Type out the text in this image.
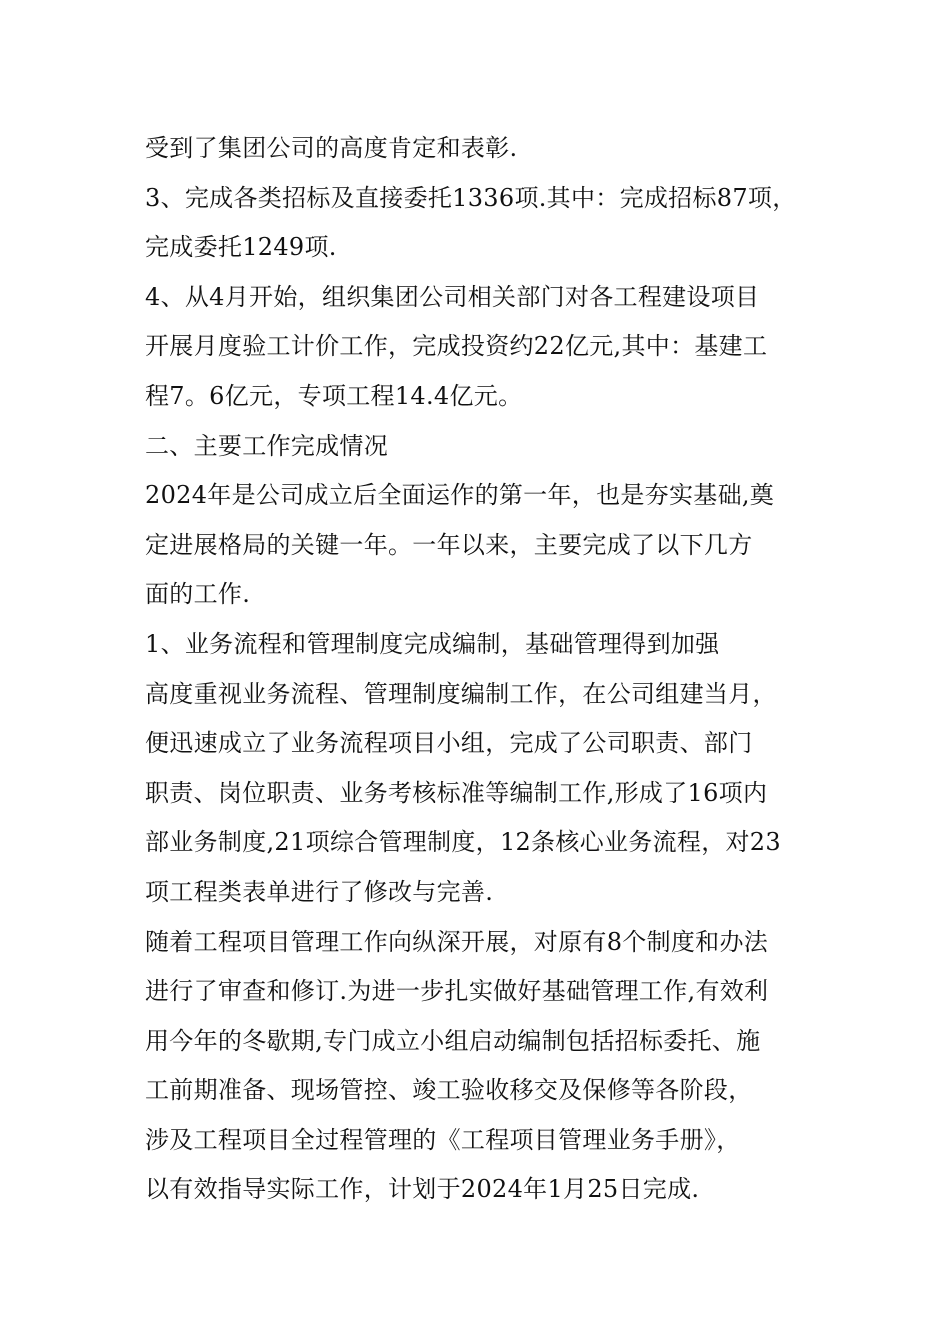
受到了集团公司的高度肯定和表彰.
3、完成各类招标及直接委托1336项.其中：完成招标87项，
完成委托1249项.
4、从4月开始，组织集团公司相关部门对各工程建设项目
开展月度验工计价工作，完成投资约22亿元,其中：基建工
程7。6亿元，专项工程14.4亿元。
二、主要工作完成情况
2024年是公司成立后全面运作的第一年，也是夯实基础,奠
定进展格局的关键一年。一年以来，主要完成了以下几方
面的工作.
1、业务流程和管理制度完成编制，基础管理得到加强
高度重视业务流程、管理制度编制工作，在公司组建当月，
便迅速成立了业务流程项目小组，完成了公司职责、部门
职责、岗位职责、业务考核标准等编制工作,形成了16项内
部业务制度,21项综合管理制度，12条核心业务流程，对23
项工程类表单进行了修改与完善.
随着工程项目管理工作向纵深开展，对原有8个制度和办法
进行了审查和修订.为进一步扎实做好基础管理工作,有效利
用今年的冬歇期,专门成立小组启动编制包括招标委托、施
工前期准备、现场管控、竣工验收移交及保修等各阶段，
涉及工程项目全过程管理的《工程项目管理业务手册》，
以有效指导实际工作，计划于2024年1月25日完成.
